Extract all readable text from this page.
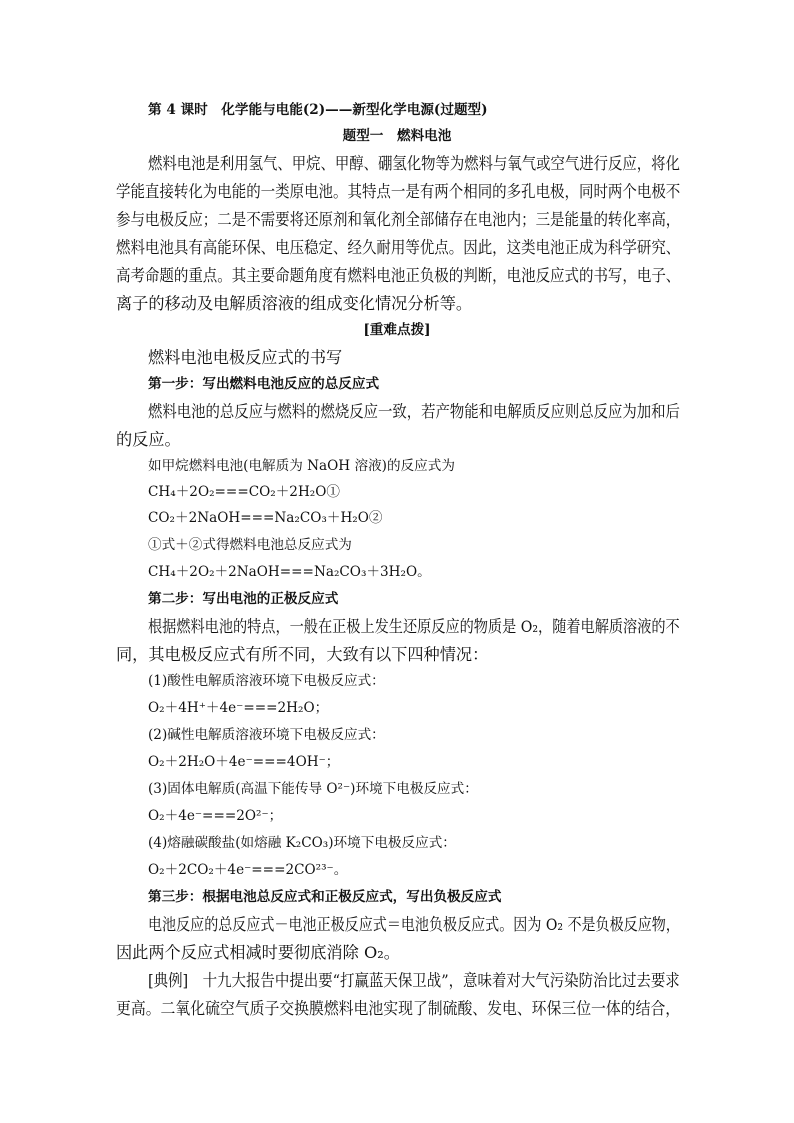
第 4 课时　化学能与电能(2)——新型化学电源(过题型)
题型一　燃料电池
燃料电池是利用氢气、甲烷、甲醇、硼氢化物等为燃料与氧气或空气进行反应，将化
学能直接转化为电能的一类原电池。其特点一是有两个相同的多孔电极，同时两个电极不
参与电极反应；二是不需要将还原剂和氧化剂全部储存在电池内；三是能量的转化率高，
燃料电池具有高能环保、电压稳定、经久耐用等优点。因此，这类电池正成为科学研究、
高考命题的重点。其主要命题角度有燃料电池正负极的判断，电池反应式的书写，电子、
离子的移动及电解质溶液的组成变化情况分析等。
[重难点拨]
燃料电池电极反应式的书写
第一步：写出燃料电池反应的总反应式
燃料电池的总反应与燃料的燃烧反应一致，若产物能和电解质反应则总反应为加和后
的反应。
如甲烷燃料电池(电解质为 NaOH 溶液)的反应式为
CH₄＋2O₂===CO₂＋2H₂O①
CO₂＋2NaOH===Na₂CO₃＋H₂O②
①式＋②式得燃料电池总反应式为
CH₄＋2O₂＋2NaOH===Na₂CO₃＋3H₂O。
第二步：写出电池的正极反应式
根据燃料电池的特点，一般在正极上发生还原反应的物质是 O₂，随着电解质溶液的不
同，其电极反应式有所不同，大致有以下四种情况：
(1)酸性电解质溶液环境下电极反应式：
O₂＋4H⁺＋4e⁻===2H₂O；
(2)碱性电解质溶液环境下电极反应式：
O₂＋2H₂O＋4e⁻===4OH⁻；
(3)固体电解质(高温下能传导 O²⁻)环境下电极反应式：
O₂＋4e⁻===2O²⁻；
(4)熔融碳酸盐(如熔融 K₂CO₃)环境下电极反应式：
O₂＋2CO₂＋4e⁻===2CO²³⁻。
第三步：根据电池总反应式和正极反应式，写出负极反应式
电池反应的总反应式－电池正极反应式＝电池负极反应式。因为 O₂ 不是负极反应物，
因此两个反应式相减时要彻底消除 O₂。
[典例]　十九大报告中提出要“打赢蓝天保卫战”，意味着对大气污染防治比过去要求
更高。二氧化硫空气质子交换膜燃料电池实现了制硫酸、发电、环保三位一体的结合，
